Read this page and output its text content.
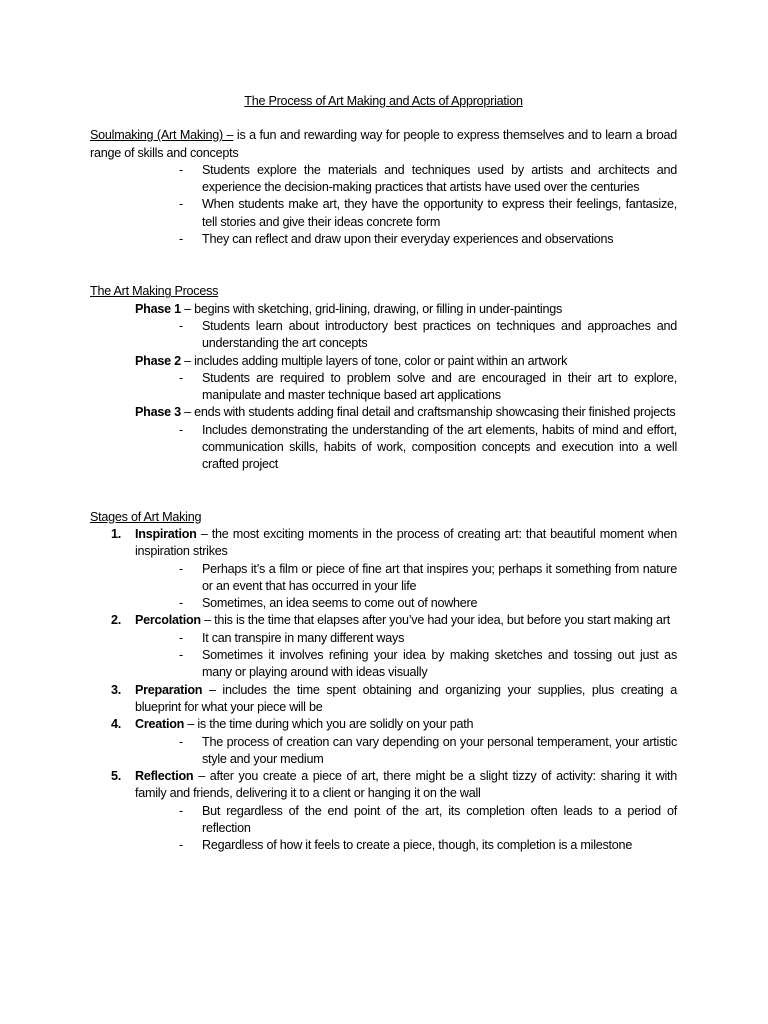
The Process of Art Making and Acts of Appropriation

Soulmaking (Art Making) – is a fun and rewarding way for people to express themselves and to learn a broad range of skills and concepts

- Students explore the materials and techniques used by artists and architects and experience the decision-making practices that artists have used over the centuries
- When students make art, they have the opportunity to express their feelings, fantasize, tell stories and give their ideas concrete form
- They can reflect and draw upon their everyday experiences and observations

The Art Making Process

Phase 1 – begins with sketching, grid-lining, drawing, or filling in under-paintings

- Students learn about introductory best practices on techniques and approaches and understanding the art concepts

Phase 2 – includes adding multiple layers of tone, color or paint within an artwork

- Students are required to problem solve and are encouraged in their art to explore, manipulate and master technique based art applications

Phase 3 – ends with students adding final detail and craftsmanship showcasing their finished projects

- Includes demonstrating the understanding of the art elements, habits of mind and effort, communication skills, habits of work, composition concepts and execution into a well crafted project

Stages of Art Making

1. Inspiration – the most exciting moments in the process of creating art: that beautiful moment when inspiration strikes

- Perhaps it’s a film or piece of fine art that inspires you; perhaps it something from nature or an event that has occurred in your life
- Sometimes, an idea seems to come out of nowhere
2. Percolation – this is the time that elapses after you’ve had your idea, but before you start making art

- It can transpire in many different ways
- Sometimes it involves refining your idea by making sketches and tossing out just as many or playing around with ideas visually
3. Preparation – includes the time spent obtaining and organizing your supplies, plus creating a blueprint for what your piece will be

4. Creation – is the time during which you are solidly on your path

- The process of creation can vary depending on your personal temperament, your artistic style and your medium
5. Reflection – after you create a piece of art, there might be a slight tizzy of activity: sharing it with family and friends, delivering it to a client or hanging it on the wall

- But regardless of the end point of the art, its completion often leads to a period of reflection
- Regardless of how it feels to create a piece, though, its completion is a milestone
